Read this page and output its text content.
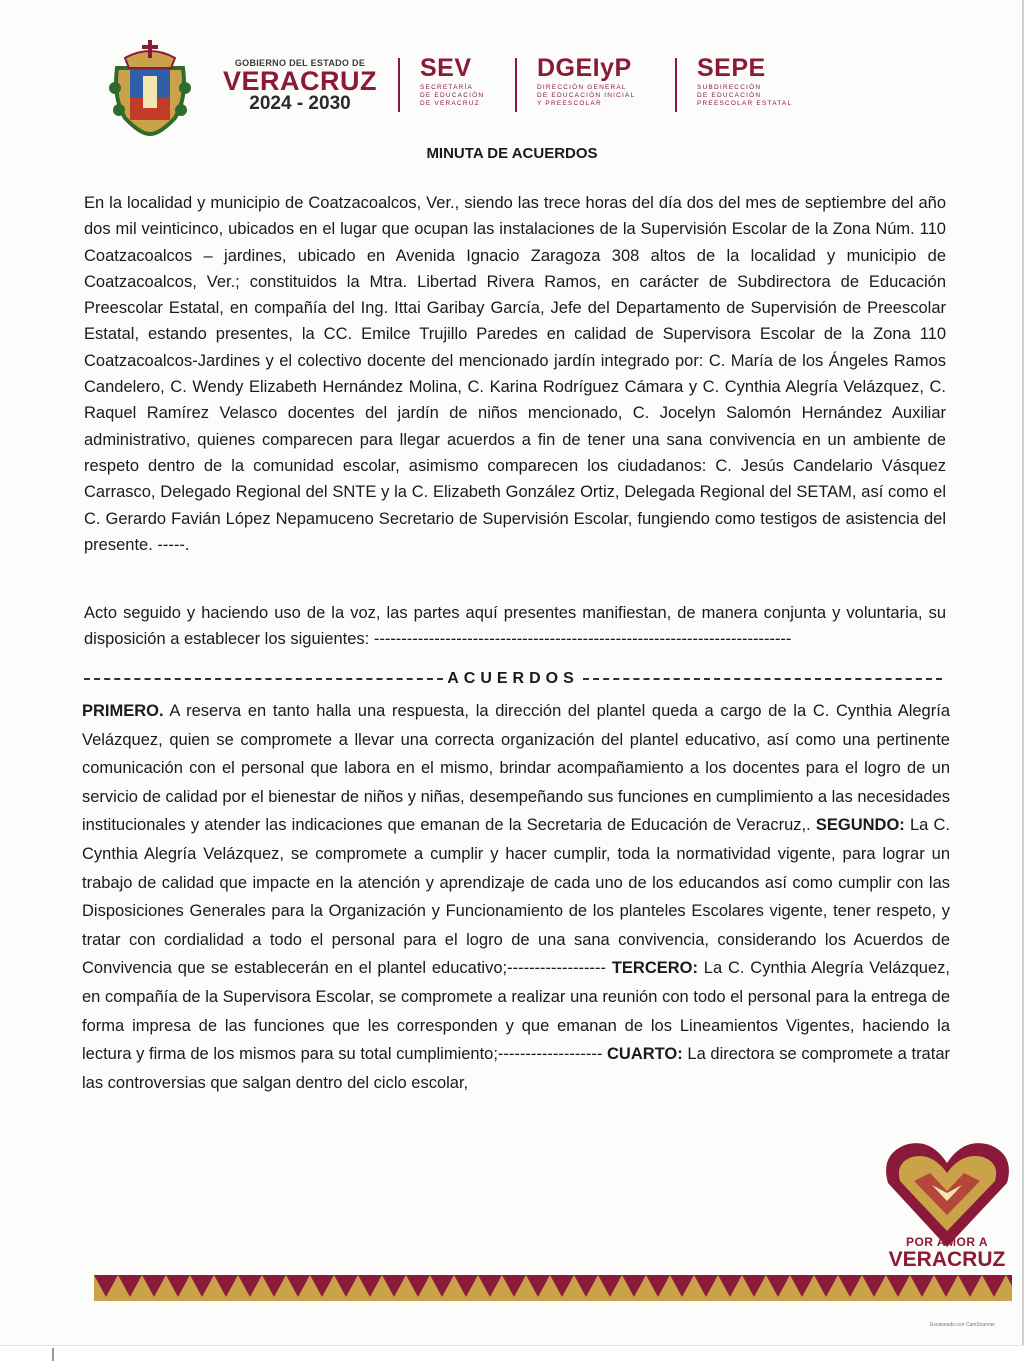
GOBIERNO DEL ESTADO DE
VERACRUZ
2024 - 2030
SEV
SECRETARÍA
DE EDUCACIÓN
DE VERACRUZ
DGEIyP
DIRECCIÓN GENERAL
DE EDUCACIÓN INICIAL
Y PREESCOLAR
SEPE
SUBDIRECCIÓN
DE EDUCACIÓN
PREESCOLAR ESTATAL
MINUTA DE ACUERDOS
En la localidad y municipio de Coatzacoalcos, Ver., siendo las trece horas del día dos del mes de septiembre del año dos mil veinticinco, ubicados en el lugar que ocupan las instalaciones de la Supervisión Escolar de la Zona Núm. 110 Coatzacoalcos – jardines, ubicado en Avenida Ignacio Zaragoza 308 altos de la localidad y municipio de Coatzacoalcos, Ver.; constituidos la Mtra. Libertad Rivera Ramos, en carácter de Subdirectora de Educación Preescolar Estatal, en compañía del Ing. Ittai Garibay García, Jefe del Departamento de Supervisión de Preescolar Estatal, estando presentes, la CC. Emilce Trujillo Paredes en calidad de Supervisora Escolar de la Zona 110 Coatzacoalcos-Jardines y el colectivo docente del mencionado jardín integrado por: C. María de los Ángeles Ramos Candelero, C. Wendy Elizabeth Hernández Molina, C. Karina Rodríguez Cámara y C. Cynthia Alegría Velázquez, C. Raquel Ramírez Velasco docentes del jardín de niños mencionado, C. Jocelyn Salomón Hernández Auxiliar administrativo, quienes comparecen para llegar acuerdos a fin de tener una sana convivencia en un ambiente de respeto dentro de la comunidad escolar, asimismo comparecen los ciudadanos: C. Jesús Candelario Vásquez Carrasco, Delegado Regional del SNTE y la C. Elizabeth González Ortiz, Delegada Regional del SETAM, así como el C. Gerardo Favián López Nepamuceno Secretario de Supervisión Escolar, fungiendo como testigos de asistencia del presente. -----.
Acto seguido y haciendo uso de la voz, las partes aquí presentes manifiestan, de manera conjunta y voluntaria, su disposición a establecer los siguientes: ----------------------------------------------------------------------------
ACUERDOS
PRIMERO. A reserva en tanto halla una respuesta, la dirección del plantel queda a cargo de la C. Cynthia Alegría Velázquez, quien se compromete a llevar una correcta organización del plantel educativo, así como una pertinente comunicación con el personal que labora en el mismo, brindar acompañamiento a los docentes para el logro de un servicio de calidad por el bienestar de niños y niñas, desempeñando sus funciones en cumplimiento a las necesidades institucionales y atender las indicaciones que emanan de la Secretaria de Educación de Veracruz,. SEGUNDO: La C. Cynthia Alegría Velázquez, se compromete a cumplir y hacer cumplir, toda la normatividad vigente, para lograr un trabajo de calidad que impacte en la atención y aprendizaje de cada uno de los educandos así como cumplir con las Disposiciones Generales para la Organización y Funcionamiento de los planteles Escolares vigente, tener respeto, y tratar con cordialidad a todo el personal para el logro de una sana convivencia, considerando los Acuerdos de Convivencia que se establecerán en el plantel educativo;------------------ TERCERO: La C. Cynthia Alegría Velázquez, en compañía de la Supervisora Escolar, se compromete a realizar una reunión con todo el personal para la entrega de forma impresa de las funciones que les corresponden y que emanan de los Lineamientos Vigentes, haciendo la lectura y firma de los mismos para su total cumplimiento;------------------- CUARTO: La directora se compromete a tratar las controversias que salgan dentro del ciclo escolar,
POR AMOR A
VERACRUZ
Escaneado con CamScanner
